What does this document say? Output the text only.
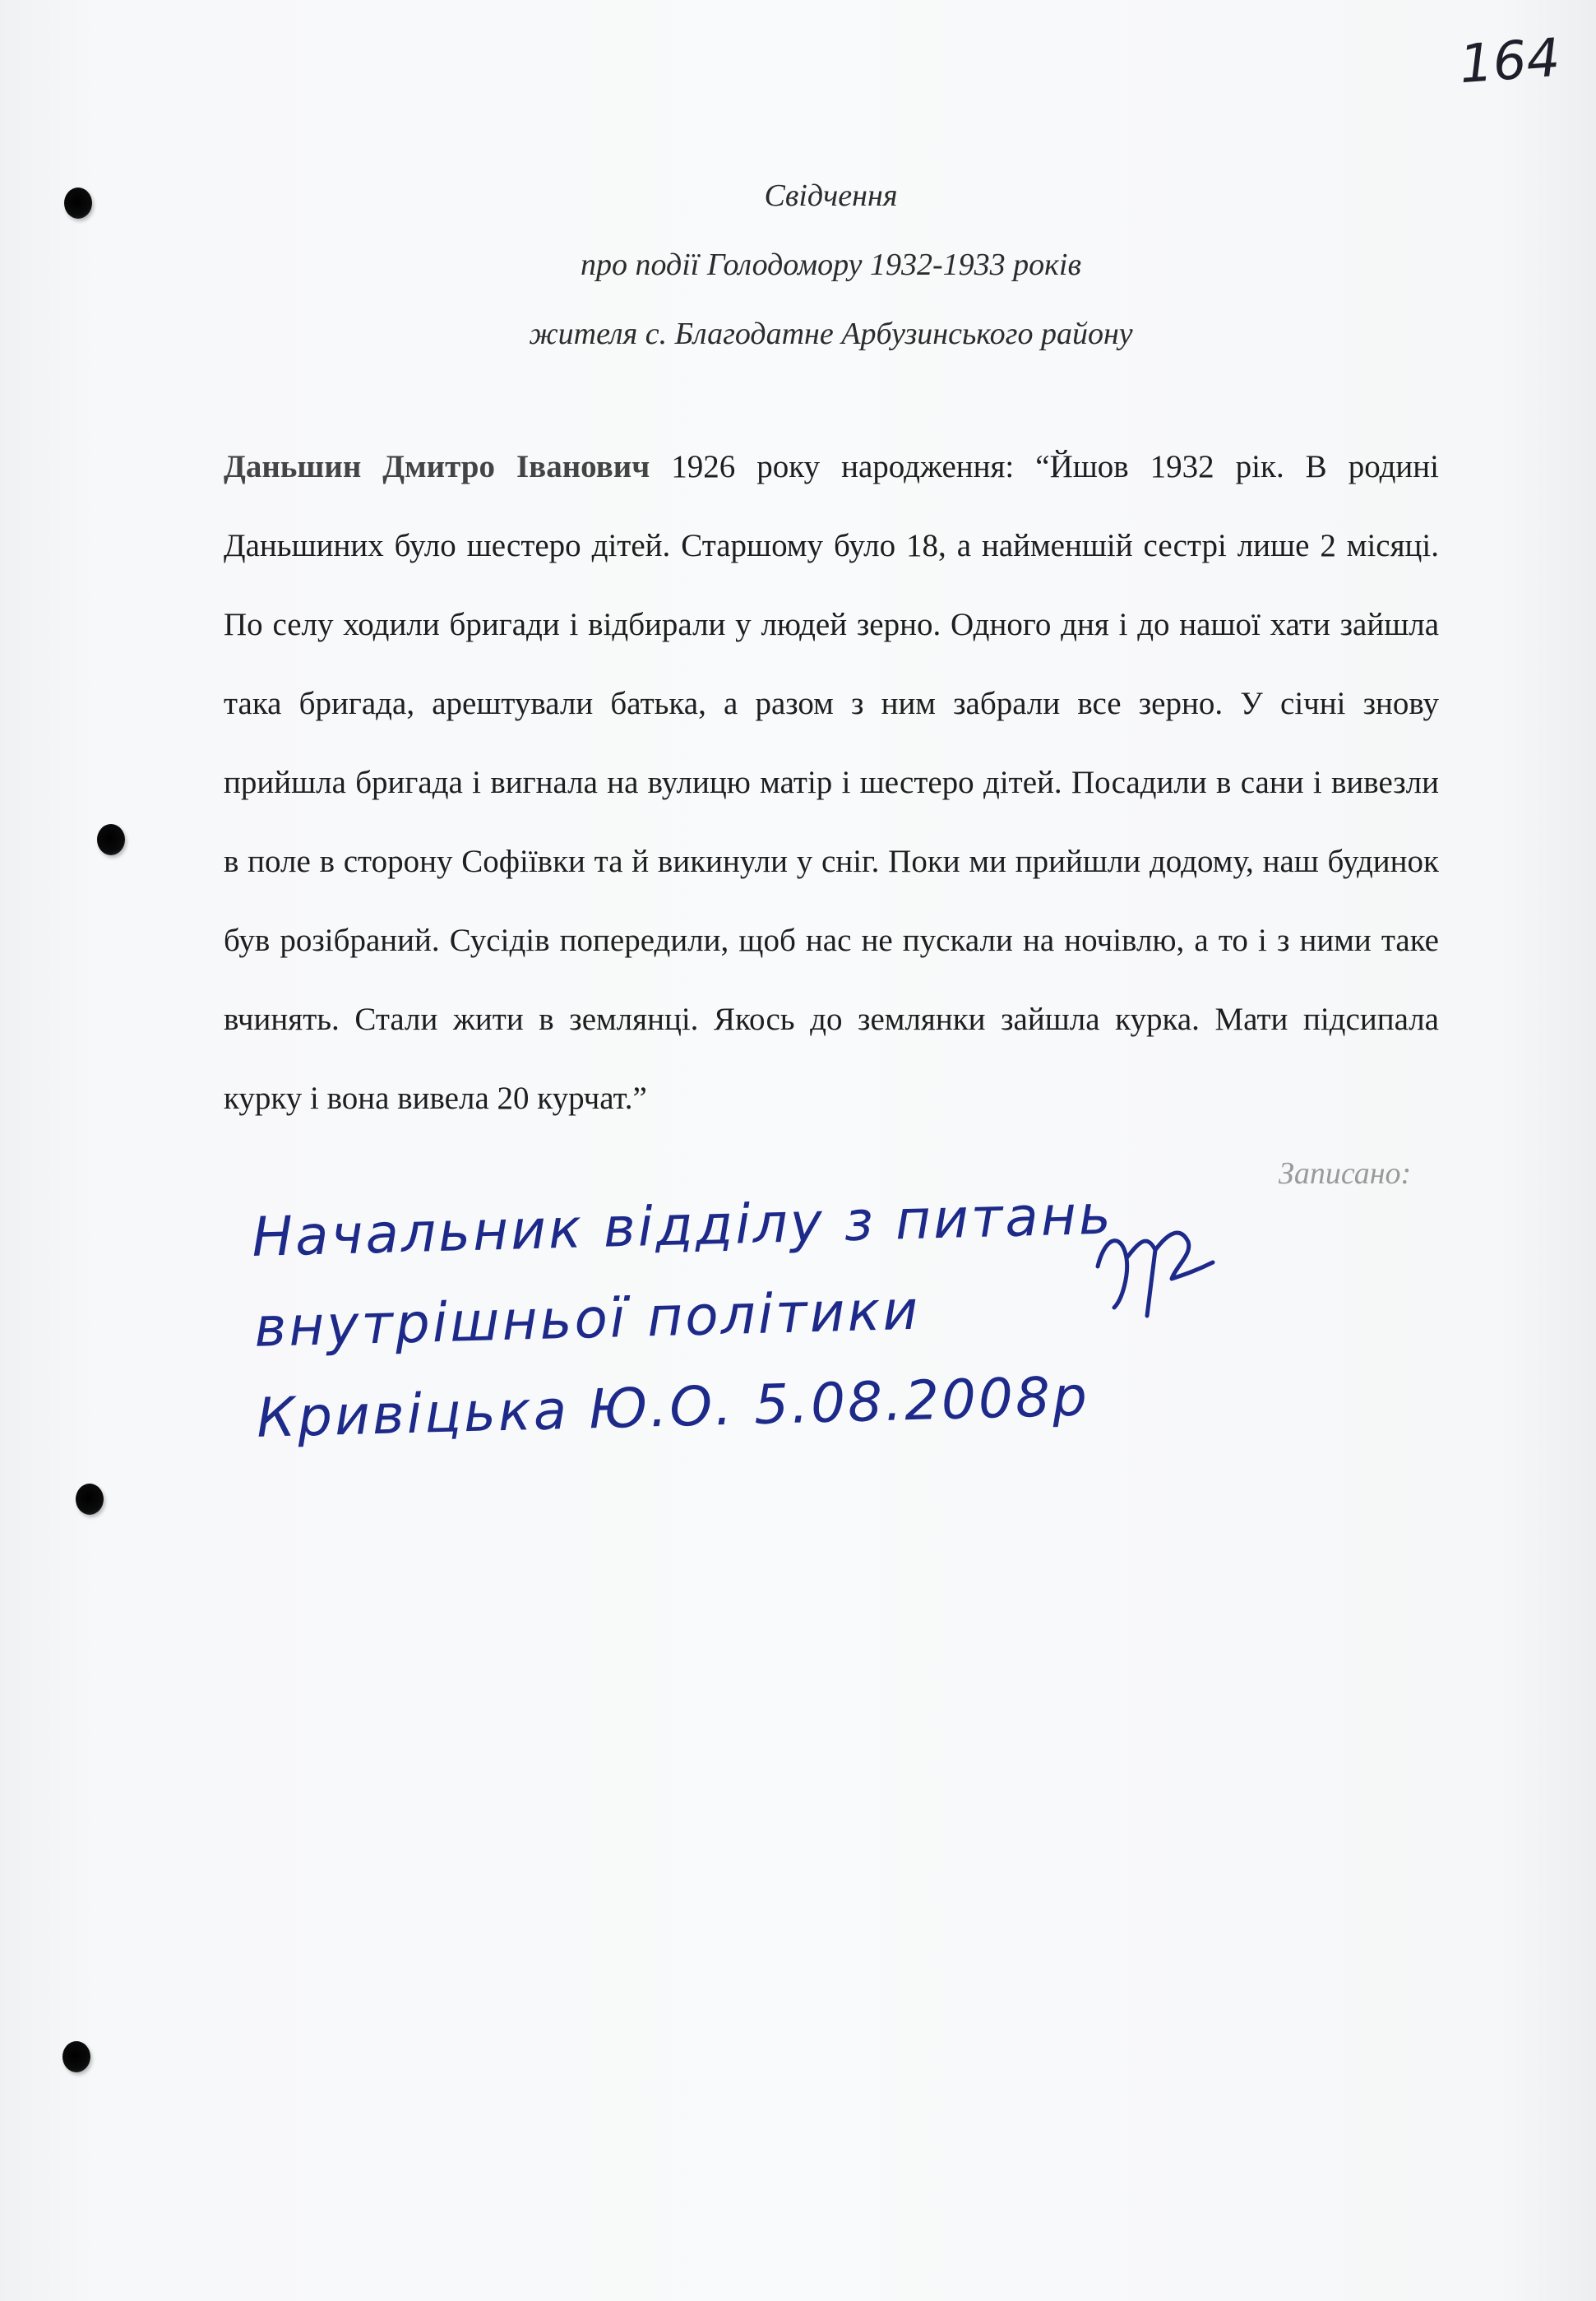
164
Свідчення
про події Голодомору 1932-1933 років
жителя с. Благодатне Арбузинського району
Даньшин Дмитро Іванович 1926 року народження: “Йшов 1932 рік. В родині Даньшиних було шестеро дітей. Старшому було 18, а найменшій сестрі лише 2 місяці. По селу ходили бригади і відбирали у людей зерно. Одного дня і до нашої хати зайшла така бригада, арештували батька, а разом з ним забрали все зерно. У січні знову прийшла бригада і вигнала на вулицю матір і шестеро дітей. Посадили в сани і вивезли в поле в сторону Софіївки та й викинули у сніг. Поки ми прийшли додому, наш будинок був розібраний. Сусідів попередили, щоб нас не пускали на ночівлю, а то і з ними таке вчинять. Стали жити в землянці. Якось до землянки зайшла курка. Мати підсипала курку і вона вивела 20 курчат.”
Записано:
Начальник відділу з питань
внутрішньої політики
Кривіцька Ю.О. 5.08.2008р
